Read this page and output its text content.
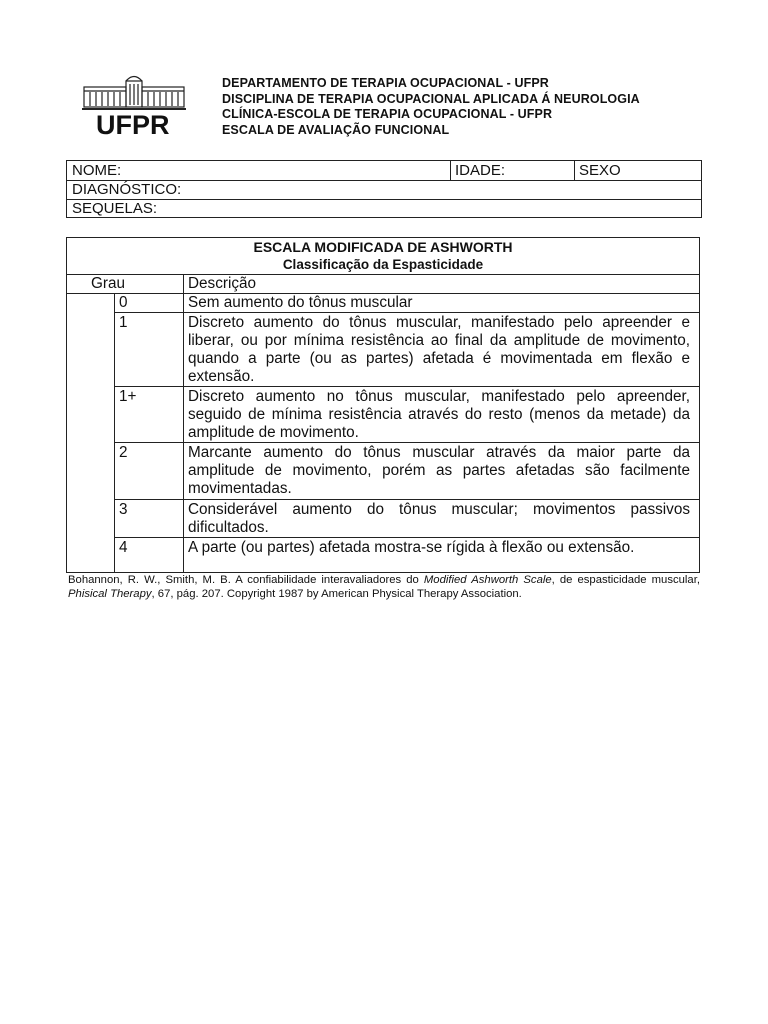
UFPR
DEPARTAMENTO DE TERAPIA OCUPACIONAL - UFPR
DISCIPLINA DE TERAPIA OCUPACIONAL APLICADA Á NEUROLOGIA
CLÍNICA-ESCOLA DE TERAPIA OCUPACIONAL - UFPR
ESCALA DE AVALIAÇÃO FUNCIONAL
NOME:	IDADE:	SEXO
DIAGNÓSTICO:
SEQUELAS:
ESCALA MODIFICADA DE ASHWORTH
Classificação da Espasticidade
Grau	Descrição
0	Sem aumento do tônus muscular
1	Discreto aumento do tônus muscular, manifestado pelo apreender e liberar, ou por mínima resistência ao final da amplitude de movimento, quando a parte (ou as partes) afetada é movimentada em flexão e extensão.
1+	Discreto aumento no tônus muscular, manifestado pelo apreender, seguido de mínima resistência através do resto (menos da metade) da amplitude de movimento.
2	Marcante aumento do tônus muscular através da maior parte da amplitude de movimento, porém as partes afetadas são facilmente movimentadas.
3	Considerável aumento do tônus muscular; movimentos passivos dificultados.
4	A parte (ou partes) afetada mostra-se rígida à flexão ou extensão.
Bohannon, R. W., Smith, M. B. A confiabilidade interavaliadores do Modified Ashworth Scale, de espasticidade muscular, Phisical Therapy, 67, pág. 207. Copyright 1987 by American Physical Therapy Association.
